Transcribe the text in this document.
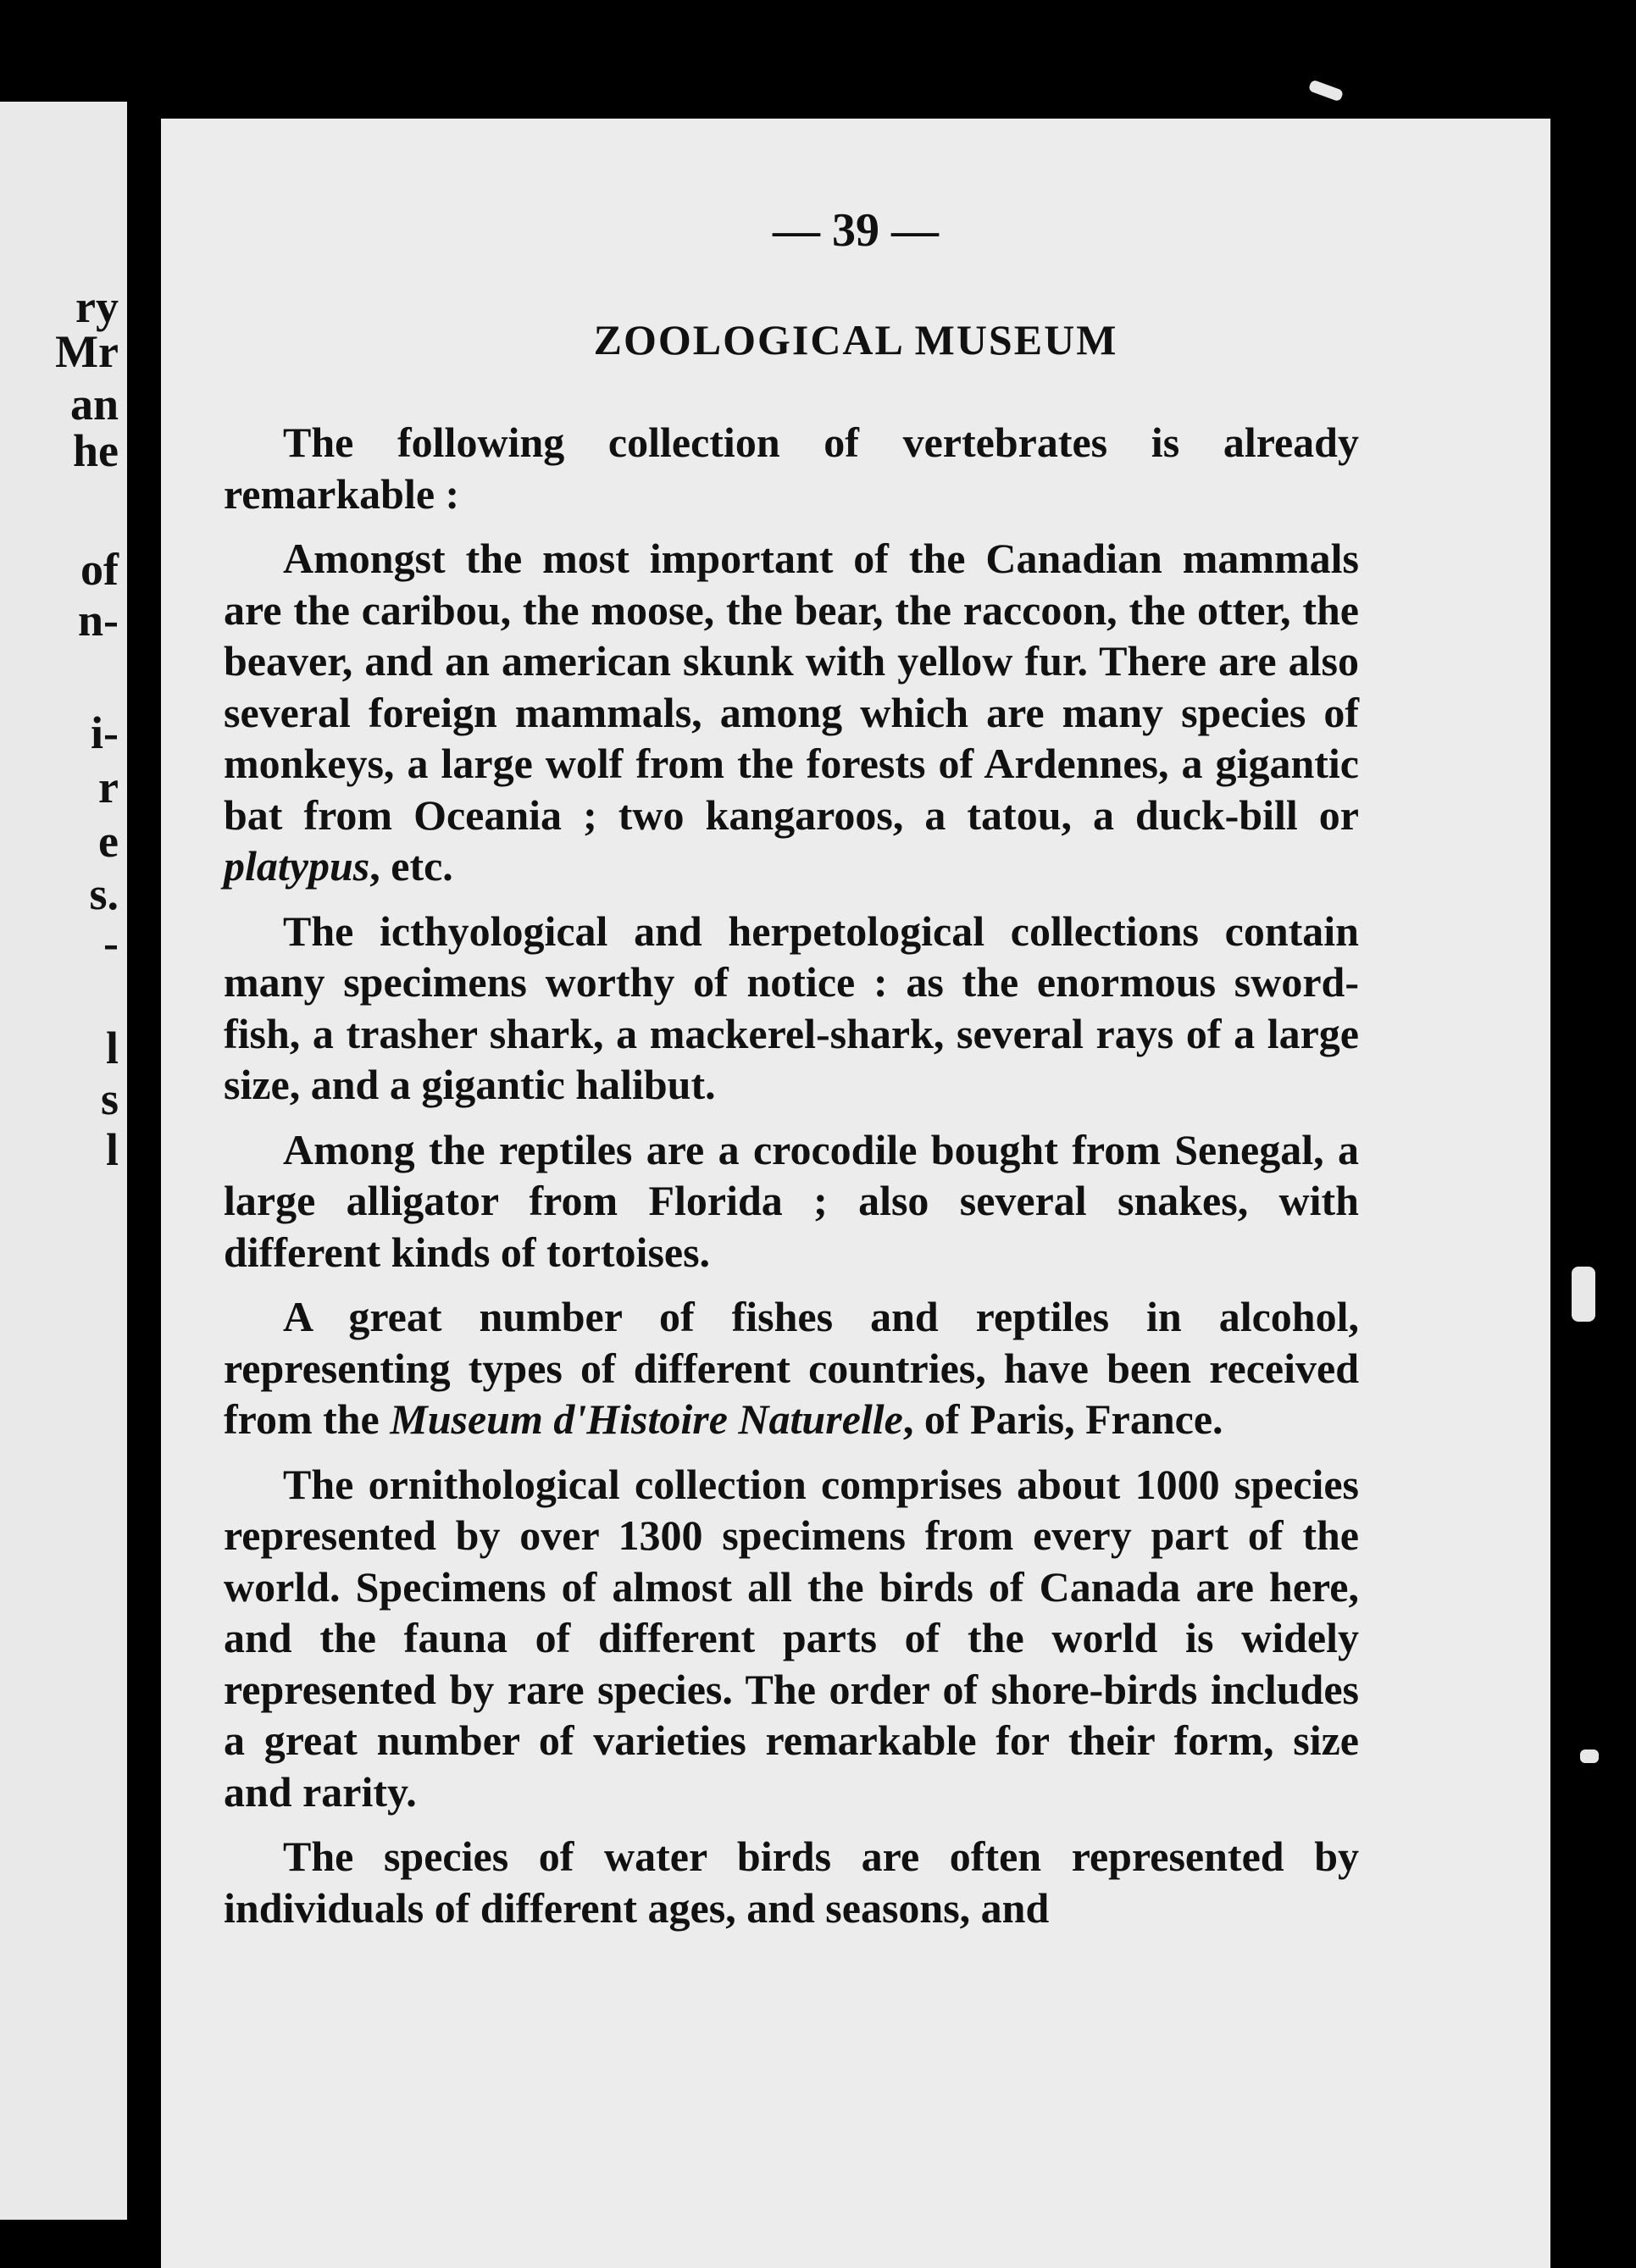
ry
Mr
an
he
of
n-
i-
r
e
s.
-
l
s
l
— 39 —
ZOOLOGICAL MUSEUM

The following collection of vertebrates is already remarkable :

Amongst the most important of the Canadian mammals are the caribou, the moose, the bear, the raccoon, the otter, the beaver, and an american skunk with yellow fur. There are also several foreign mammals, among which are many species of monkeys, a large wolf from the forests of Ardennes, a gigantic bat from Oceania ; two kangaroos, a tatou, a duck-bill or platypus, etc.

The icthyological and herpetological collections contain many specimens worthy of notice : as the enormous sword-fish, a trasher shark, a mackerel-shark, several rays of a large size, and a gigantic halibut.

Among the reptiles are a crocodile bought from Senegal, a large alligator from Florida ; also several snakes, with different kinds of tortoises.

A great number of fishes and reptiles in alcohol, representing types of different countries, have been received from the Museum d'Histoire Naturelle, of Paris, France.

The ornithological collection comprises about 1000 species represented by over 1300 specimens from every part of the world. Specimens of almost all the birds of Canada are here, and the fauna of different parts of the world is widely represented by rare species. The order of shore-birds includes a great number of varieties remarkable for their form, size and rarity.

The species of water birds are often represented by individuals of different ages, and seasons, and
